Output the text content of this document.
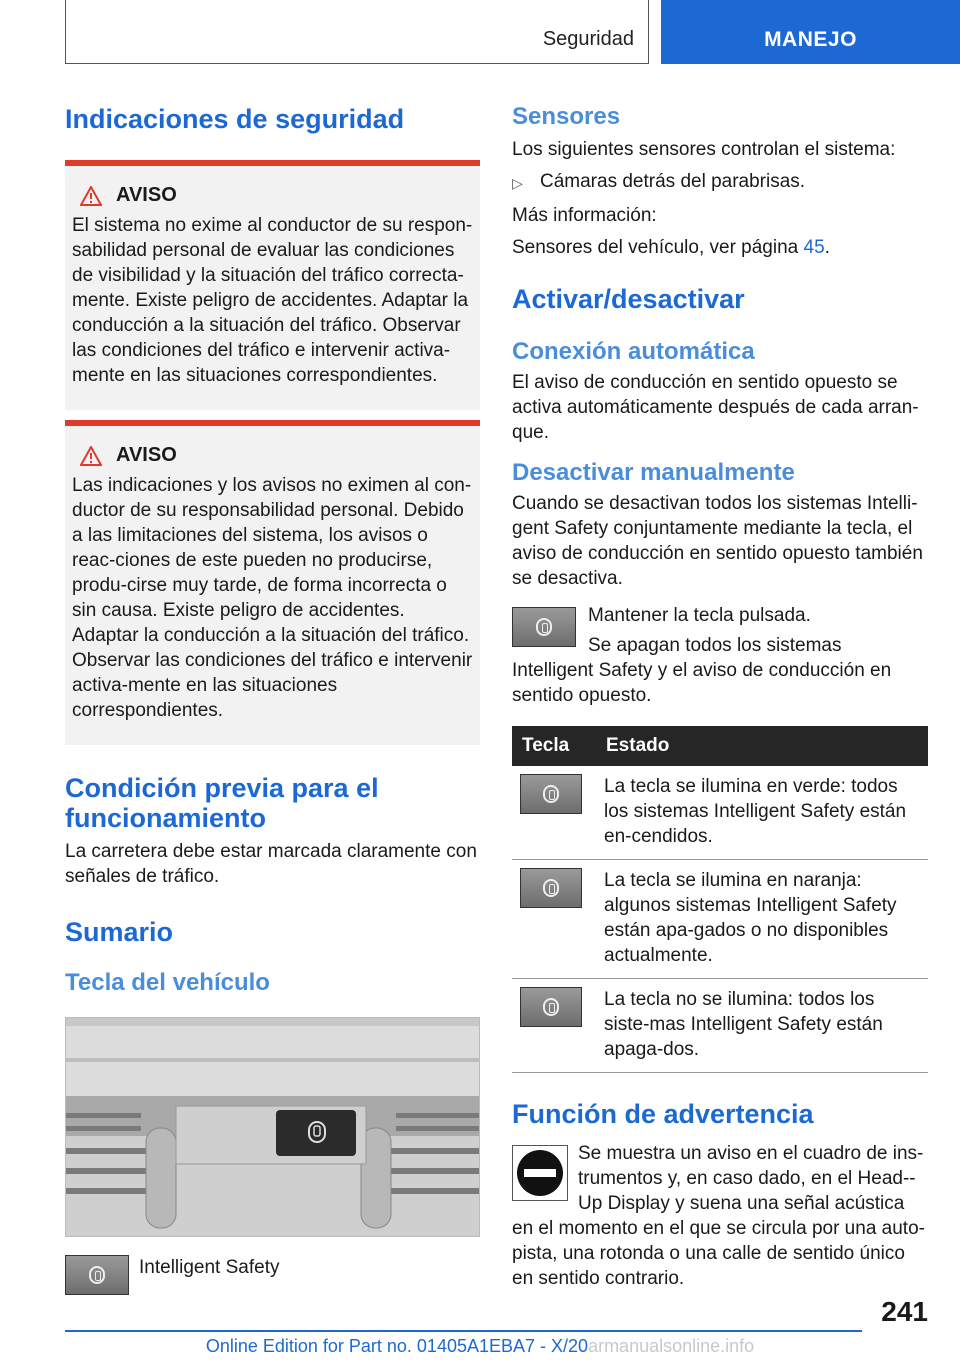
Seguridad	MANEJO
Indicaciones de seguridad
AVISO

El sistema no exime al conductor de su respon-sabilidad personal de evaluar las condiciones de visibilidad y la situación del tráfico correcta-mente. Existe peligro de accidentes. Adaptar la conducción a la situación del tráfico. Observar las condiciones del tráfico e intervenir activa-mente en las situaciones correspondientes.

AVISO

Las indicaciones y los avisos no eximen al con-ductor de su responsabilidad personal. Debido a las limitaciones del sistema, los avisos o reac-ciones de este pueden no producirse, produ-cirse muy tarde, de forma incorrecta o sin causa. Existe peligro de accidentes. Adaptar la conducción a la situación del tráfico. Observar las condiciones del tráfico e intervenir activa-mente en las situaciones correspondientes.

Condición previa para el funcionamiento

La carretera debe estar marcada claramente con señales de tráfico.

Sumario
Tecla del vehículo
Intelligent Safety
Sensores

Los siguientes sensores controlan el sistema:

▷ Cámaras detrás del parabrisas.

Más información:

Sensores del vehículo, ver página 45.

Activar/desactivar
Conexión automática

El aviso de conducción en sentido opuesto se activa automáticamente después de cada arran-que.

Desactivar manualmente

Cuando se desactivan todos los sistemas Intelli-gent Safety conjuntamente mediante la tecla, el aviso de conducción en sentido opuesto también se desactiva.

Mantener la tecla pulsada.

Se apagan todos los sistemas Intelligent Safety y el aviso de conducción en sentido opuesto.

Tecla	Estado

	La tecla se ilumina en verde: todos los sistemas Intelligent Safety están en-cendidos.

	La tecla se ilumina en naranja: algunos sistemas Intelligent Safety están apa-gados o no disponibles actualmente.

	La tecla no se ilumina: todos los siste-mas Intelligent Safety están apaga-dos.
Función de advertencia

Se muestra un aviso en el cuadro de ins-trumentos y, en caso dado, en el Head--Up Display y suena una señal acústica en el momento en el que se circula por una auto-pista, una rotonda o una calle de sentido único en sentido contrario.

241
Online Edition for Part no. 01405A1EBA7 - X/20armanualsonline.info
